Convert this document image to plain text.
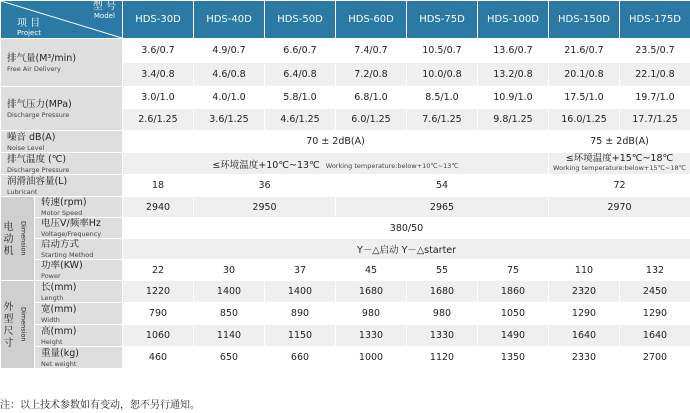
型 号
Model
项 目
Project		HDS-30D	HDS-40D	HDS-50D	HDS-60D	HDS-75D	HDS-100D	HDS-150D	HDS-175D

排气量(M³/min)
Free Air Delivery		3.6/0.7	4.9/0.7	6.6/0.7	7.4/0.7	10.5/0.7	13.6/0.7	21.6/0.7	23.5/0.7
		3.4/0.8	4.6/0.8	6.4/0.8	7.2/0.8	10.0/0.8	13.2/0.8	20.1/0.8	22.1/0.8

排气压力(MPa)
Discharge Pressure		3.0/1.0	4.0/1.0	5.8/1.0	6.8/1.0	8.5/1.0	10.9/1.0	17.5/1.0	19.7/1.0
		2.6/1.25	3.6/1.25	4.6/1.25	6.0/1.25	7.6/1.25	9.8/1.25	16.0/1.25	17.7/1.25

噪音 dB(A)
Noise Level		70 ± 2dB(A)						75 ± 2dB(A)	

排气温度 (℃)
Discharge Pressure		≤环境温度+10℃~13℃ Working temperature:below+10℃~13℃						≤环境温度+15℃~18℃
Working temperature:below+15℃~18℃	

润滑油容量(L)
Lubricant		18	36		54			72	

电动机 Dimension	转速(rpm)
Motor Speed	2940	2950		2965			2970	

	电压V/频率Hz
Voltage/Frequency	380/50							

	启动方式
Starting Method	Y－△启动 Y－△starter							

	功率(KW)
Power	22	30	37	45	55	75	110	132

外型尺寸 Dimension	长(mm)
Length	1220	1400	1400	1680	1680	1860	2320	2450

	宽(mm)
Width	790	850	890	980	980	1050	1290	1290

	高(mm)
Height	1060	1140	1150	1330	1330	1490	1640	1640

	重量(kg)
Net weight	460	650	660	1000	1120	1350	2330	2700
注：以上技术参数如有变动，恕不另行通知。
